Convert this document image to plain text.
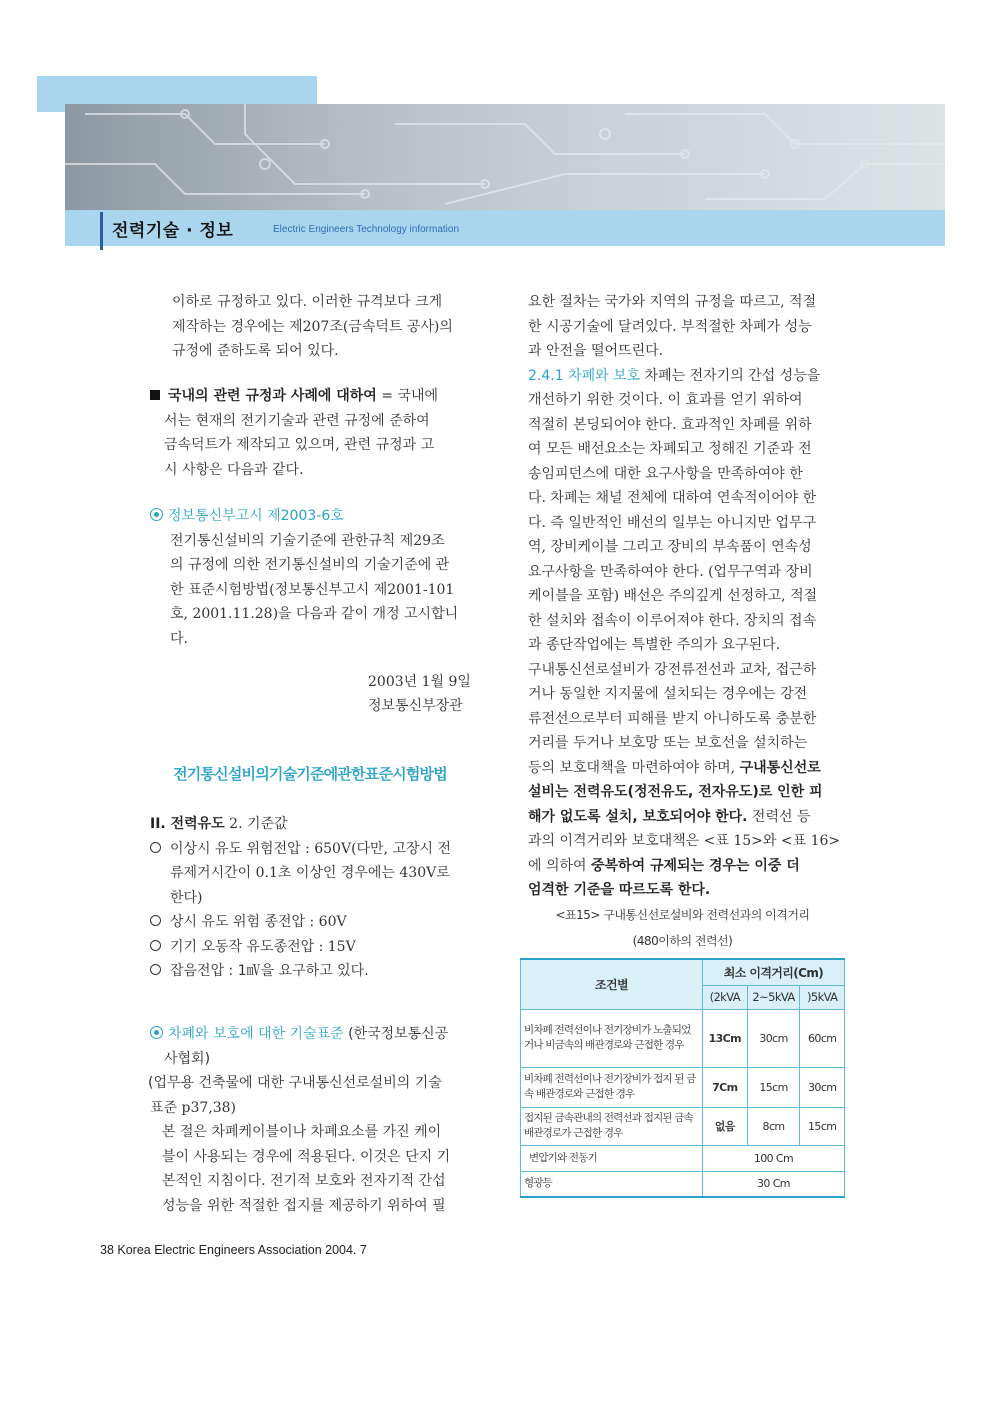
전력기술 · 정보	Electric Engineers Technology information
이하로 규정하고 있다. 이러한 규격보다 크게
제작하는 경우에는 제207조(금속덕트 공사)의
규정에 준하도록 되어 있다.
국내의 관련 규정과 사례에 대하여 = 국내에
서는 현재의 전기기술과 관련 규정에 준하여
금속덕트가 제작되고 있으며, 관련 규정과 고
시 사항은 다음과 같다.
정보통신부고시 제2003-6호
전기통신설비의 기술기준에 관한규칙 제29조
의 규정에 의한 전기통신설비의 기술기준에 관
한 표준시험방법(정보통신부고시 제2001-101
호, 2001.11.28)을 다음과 같이 개정 고시합니
다.
2003년 1월 9일
정보통신부장관
전기통신설비의기술기준에관한표준시험방법
II. 전력유도 2. 기준값
이상시 유도 위험전압 : 650V(다만, 고장시 전
류제거시간이 0.1초 이상인 경우에는 430V로
한다)
상시 유도 위험 종전압 : 60V
기기 오동작 유도종전압 : 15V
잡음전압 : 1㎷을 요구하고 있다.
차폐와 보호에 대한 기술표준 (한국정보통신공
사협회)
(업무용 건축물에 대한 구내통신선로설비의 기술
표준 p37,38)
본 절은 차폐케이블이나 차폐요소를 가진 케이
블이 사용되는 경우에 적용된다. 이것은 단지 기
본적인 지침이다. 전기적 보호와 전자기적 간섭
성능을 위한 적절한 접지를 제공하기 위하여 필
요한 절차는 국가와 지역의 규정을 따르고, 적절
한 시공기술에 달려있다. 부적절한 차폐가 성능
과 안전을 떨어뜨린다.
2.4.1 차폐와 보호 차폐는 전자기의 간섭 성능을
개선하기 위한 것이다. 이 효과를 얻기 위하여
적절히 본딩되어야 한다. 효과적인 차폐를 위하
여 모든 배선요소는 차폐되고 정해진 기준과 전
송임피던스에 대한 요구사항을 만족하여야 한
다. 차폐는 채널 전체에 대하여 연속적이어야 한
다. 즉 일반적인 배선의 일부는 아니지만 업무구
역, 장비케이블 그리고 장비의 부속품이 연속성
요구사항을 만족하여야 한다. (업무구역과 장비
케이블을 포함) 배선은 주의깊게 선정하고, 적절
한 설치와 접속이 이루어져야 한다. 장치의 접속
과 종단작업에는 특별한 주의가 요구된다.
구내통신선로설비가 강전류전선과 교차, 접근하
거나 동일한 지지물에 설치되는 경우에는 강전
류전선으로부터 피해를 받지 아니하도록 충분한
거리를 두거나 보호망 또는 보호선을 설치하는
등의 보호대책을 마련하여야 하며, 구내통신선로
설비는 전력유도(정전유도, 전자유도)로 인한 피
해가 없도록 설치, 보호되어야 한다. 전력선 등
과의 이격거리와 보호대책은 <표 15>와 <표 16>
에 의하여 중복하여 규제되는 경우는 이중 더
엄격한 기준을 따르도록 한다.
<표15> 구내통신선로설비와 전력선과의 이격거리
(480이하의 전력선)
조건별	최소 이격거리(Cm)		
	(2kVA	2~5kVA	)5kVA
비차폐 전력선이나 전기장비가 노출되었거나 비금속의 배관경로와 근접한 경우	13Cm	30cm	60cm
비차폐 전력선이나 전기장비가 접지 된 금속 배관경로와 근접한 경우	7Cm	15cm	30cm
접지된 금속관내의 전력선과 접지된 금속배관경로가 근접한 경우	없음	8cm	15cm
변압기와 전동기	100 Cm		
형광등	30 Cm		
38 Korea Electric Engineers Association 2004. 7
